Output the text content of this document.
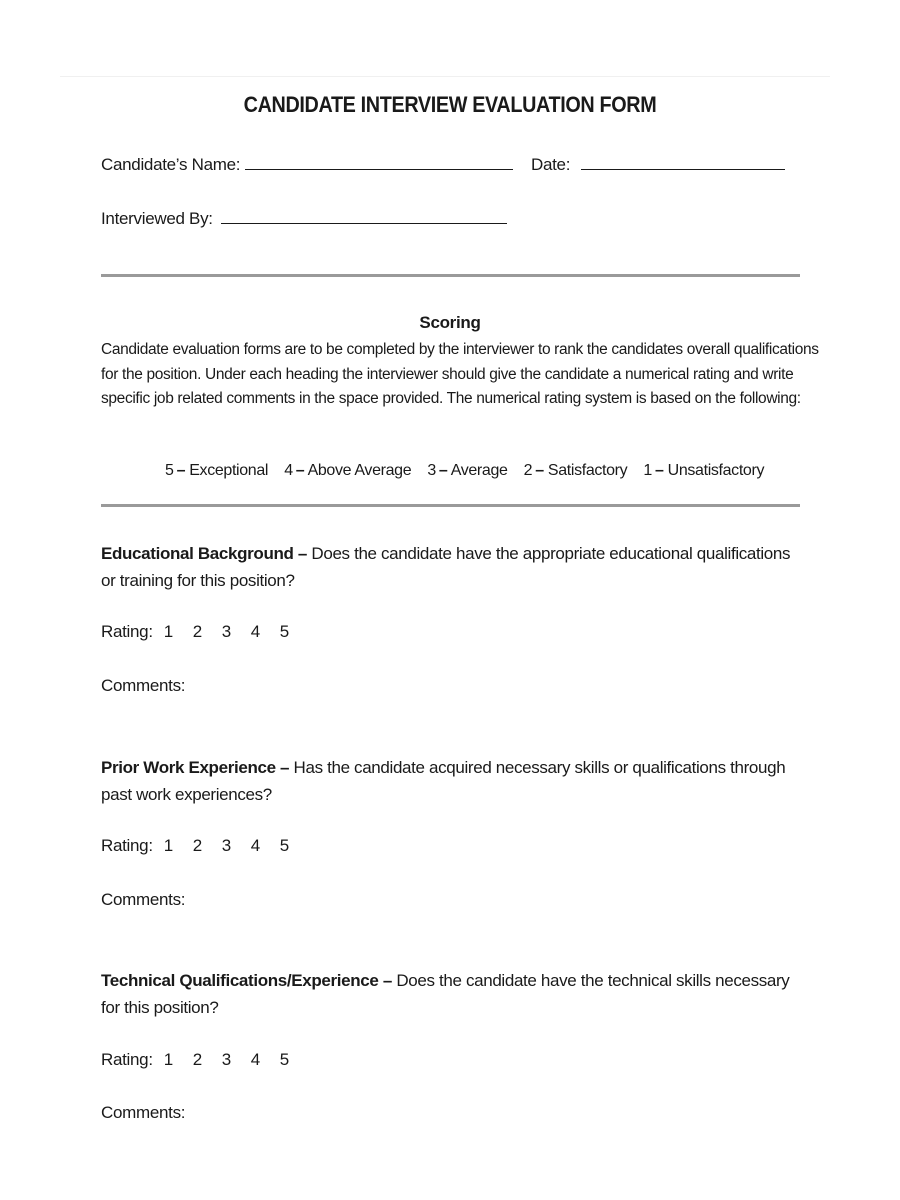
CANDIDATE INTERVIEW EVALUATION FORM
Candidate’s Name:	Date:
Interviewed By:
Scoring
Candidate evaluation forms are to be completed by the interviewer to rank the candidates overall qualifications for the position. Under each heading the interviewer should give the candidate a numerical rating and write specific job related comments in the space provided. The numerical rating system is based on the following:
5 – Exceptional 4 – Above Average 3 – Average 2 – Satisfactory 1 – Unsatisfactory
Educational Background – Does the candidate have the appropriate educational qualifications or training for this position?
Rating: 1 2 3 4 5
Comments:
Prior Work Experience – Has the candidate acquired necessary skills or qualifications through past work experiences?
Rating: 1 2 3 4 5
Comments:
Technical Qualifications/Experience – Does the candidate have the technical skills necessary for this position?
Rating: 1 2 3 4 5
Comments:
